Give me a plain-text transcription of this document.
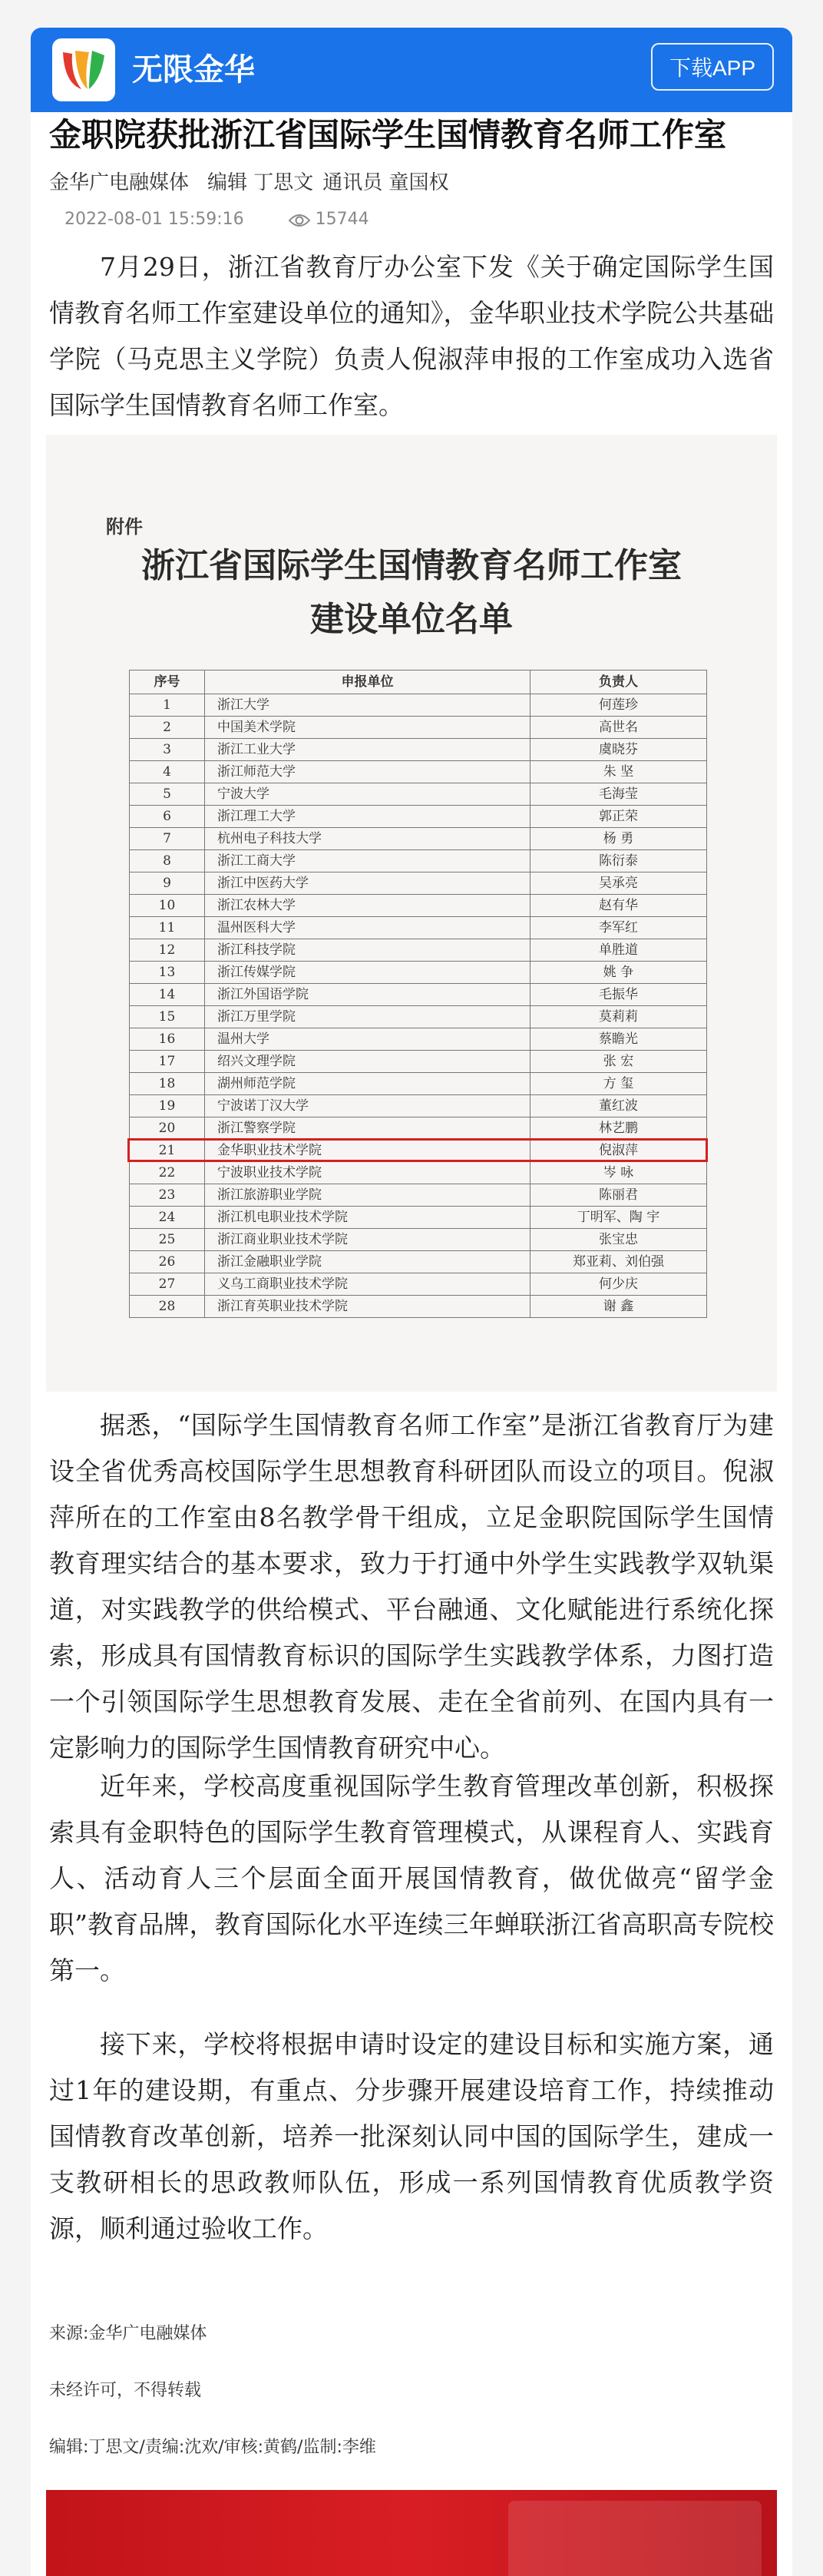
无限金华	下载APP
金职院获批浙江省国际学生国情教育名师工作室
金华广电融媒体 编辑 丁思文 通讯员 童国权
2022-08-01 15:59:16	15744

7月29日，浙江省教育厅办公室下发《关于确定国际学生国情教育名师工作室建设单位的通知》，金华职业技术学院公共基础学院（马克思主义学院）负责人倪淑萍申报的工作室成功入选省国际学生国情教育名师工作室。

附件
浙江省国际学生国情教育名师工作室
建设单位名单
序号	申报单位	负责人
1	浙江大学	何莲珍
2	中国美术学院	高世名
3	浙江工业大学	虞晓芬
4	浙江师范大学	朱 坚
5	宁波大学	毛海莹
6	浙江理工大学	郭正荣
7	杭州电子科技大学	杨 勇
8	浙江工商大学	陈衍泰
9	浙江中医药大学	吴承亮
10	浙江农林大学	赵有华
11	温州医科大学	李军红
12	浙江科技学院	单胜道
13	浙江传媒学院	姚 争
14	浙江外国语学院	毛振华
15	浙江万里学院	莫莉莉
16	温州大学	蔡瞻光
17	绍兴文理学院	张 宏
18	湖州师范学院	方 玺
19	宁波诺丁汉大学	董红波
20	浙江警察学院	林艺鹏
21	金华职业技术学院	倪淑萍
22	宁波职业技术学院	岑 咏
23	浙江旅游职业学院	陈丽君
24	浙江机电职业技术学院	丁明军、陶 宇
25	浙江商业职业技术学院	张宝忠
26	浙江金融职业学院	郑亚莉、刘伯强
27	义乌工商职业技术学院	何少庆
28	浙江育英职业技术学院	谢 鑫

据悉，“国际学生国情教育名师工作室”是浙江省教育厅为建设全省优秀高校国际学生思想教育科研团队而设立的项目。倪淑萍所在的工作室由8名教学骨干组成，立足金职院国际学生国情教育理实结合的基本要求，致力于打通中外学生实践教学双轨渠道，对实践教学的供给模式、平台融通、文化赋能进行系统化探索，形成具有国情教育标识的国际学生实践教学体系，力图打造一个引领国际学生思想教育发展、走在全省前列、在国内具有一定影响力的国际学生国情教育研究中心。

近年来，学校高度重视国际学生教育管理改革创新，积极探索具有金职特色的国际学生教育管理模式，从课程育人、实践育人、活动育人三个层面全面开展国情教育，做优做亮“留学金职”教育品牌，教育国际化水平连续三年蝉联浙江省高职高专院校第一。

接下来，学校将根据申请时设定的建设目标和实施方案，通过1年的建设期，有重点、分步骤开展建设培育工作，持续推动国情教育改革创新，培养一批深刻认同中国的国际学生，建成一支教研相长的思政教师队伍，形成一系列国情教育优质教学资源，顺利通过验收工作。

来源:金华广电融媒体
未经许可，不得转载
编辑:丁思文/责编:沈欢/审核:黄鹤/监制:李维
